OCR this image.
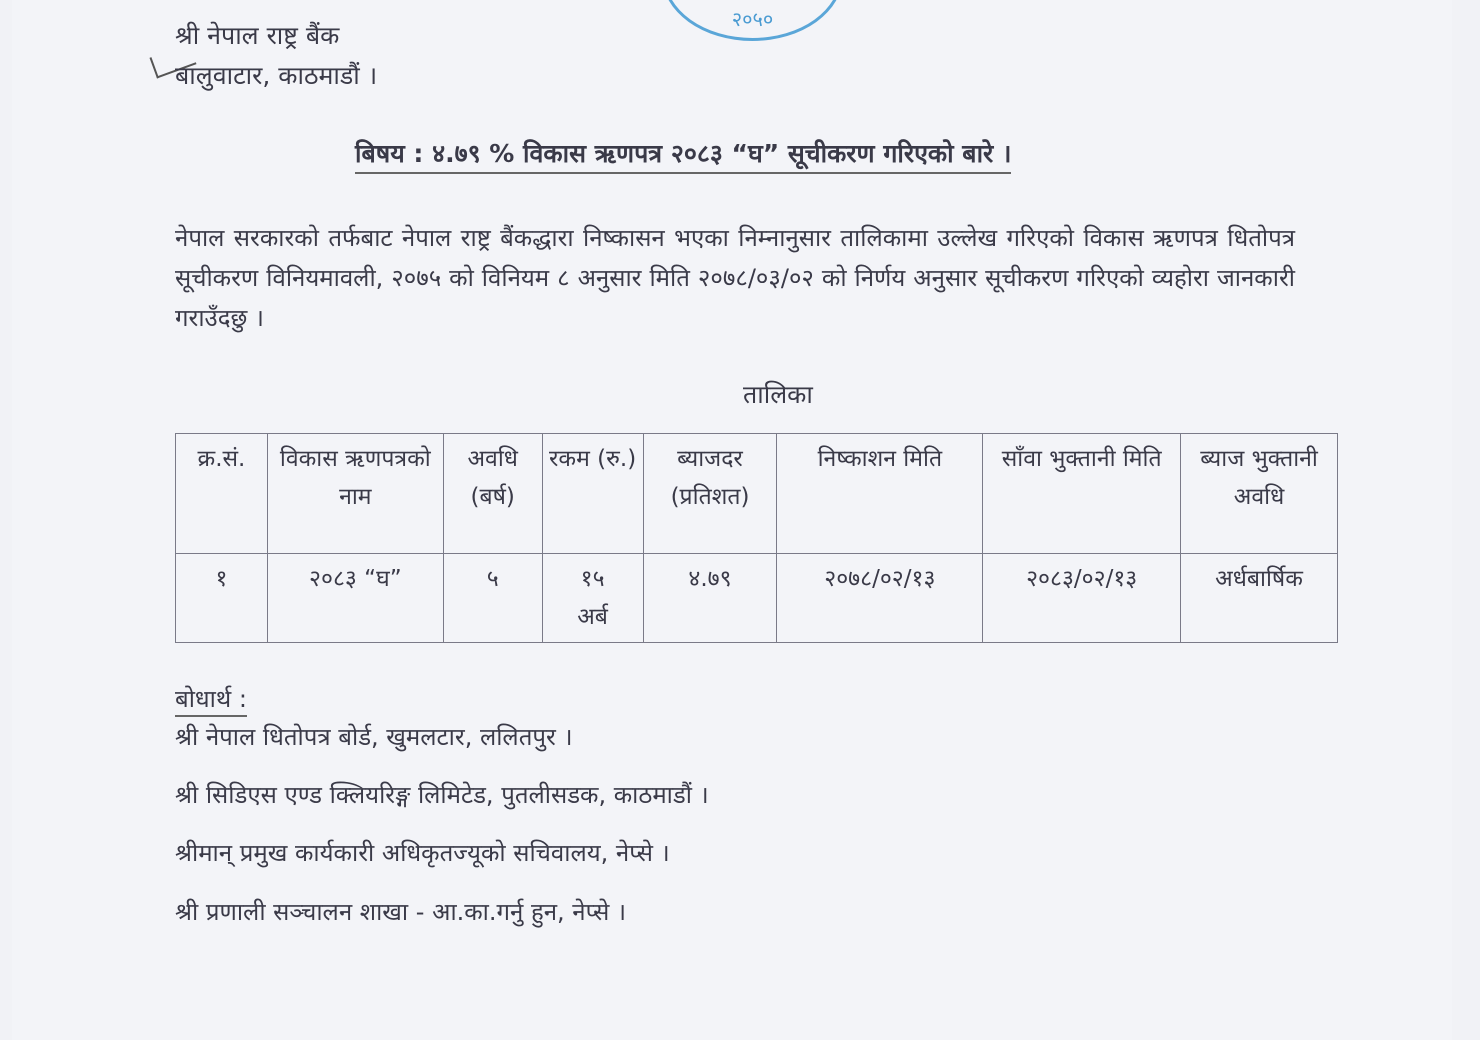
२०५०
श्री नेपाल राष्ट्र बैंक
बालुवाटार, काठमाडौं ।
बिषय : ४.७९ % विकास ऋणपत्र २०८३ “घ” सूचीकरण गरिएको बारे ।
नेपाल सरकारको तर्फबाट नेपाल राष्ट्र बैंकद्धारा निष्कासन भएका निम्नानुसार तालिकामा उल्लेख गरिएको विकास ऋणपत्र धितोपत्र सूचीकरण विनियमावली, २०७५ को विनियम ८ अनुसार मिति २०७८/०३/०२ को निर्णय अनुसार सूचीकरण गरिएको व्यहोरा जानकारी गराउँदछु ।
तालिका
क्र.सं.	विकास ऋणपत्रको नाम	अवधि (बर्ष)	रकम (रु.)	ब्याजदर (प्रतिशत)	निष्काशन मिति	साँवा भुक्तानी मिति	ब्याज भुक्तानी अवधि
१	२०८३ “घ”	५	१५ अर्ब	४.७९	२०७८/०२/१३	२०८३/०२/१३	अर्धबार्षिक
बोधार्थ :
श्री नेपाल धितोपत्र बोर्ड, खुमलटार, ललितपुर ।
श्री सिडिएस एण्ड क्लियरिङ्ग लिमिटेड, पुतलीसडक, काठमाडौं ।
श्रीमान् प्रमुख कार्यकारी अधिकृतज्यूको सचिवालय, नेप्से ।
श्री प्रणाली सञ्चालन शाखा - आ.का.गर्नु हुन, नेप्से ।
